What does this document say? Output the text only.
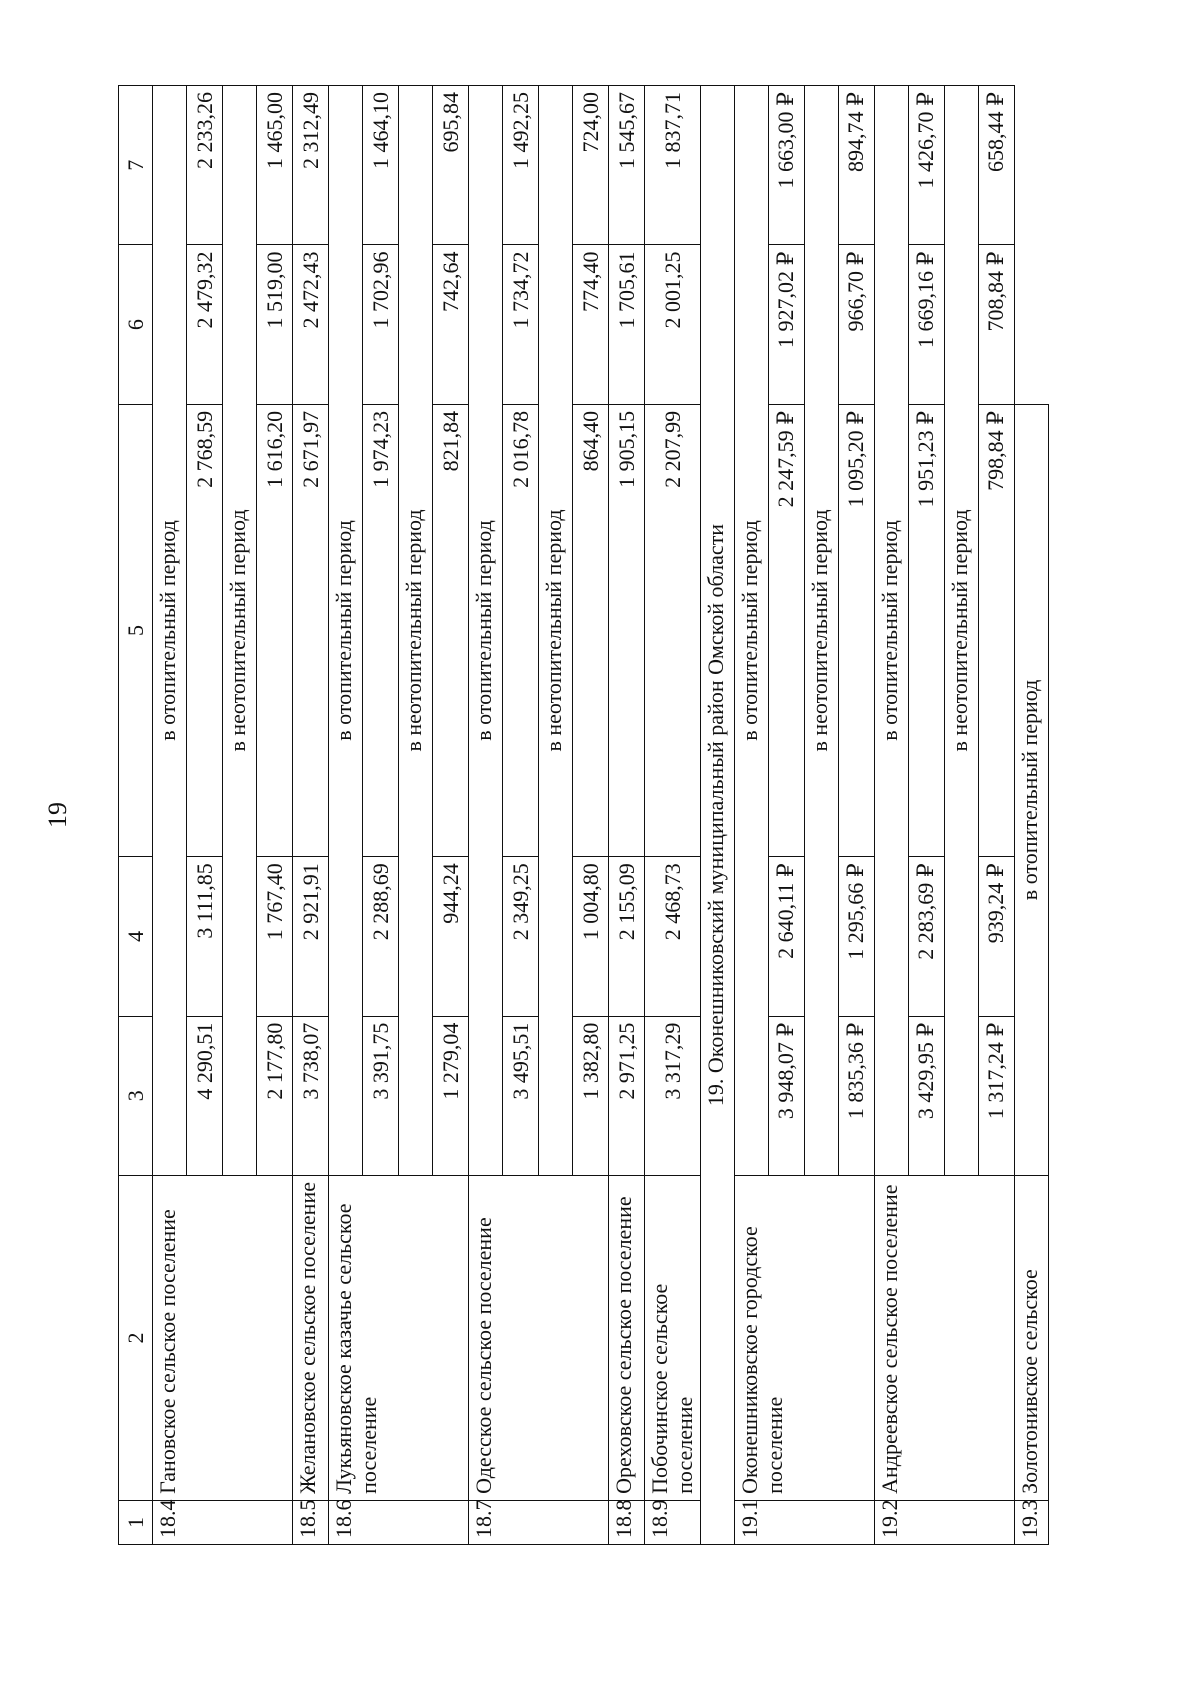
19
1	2	3	4	5	6	7
18.4	Гановское сельское поселение	в отопительный период				
		4 290,51	3 111,85	2 768,59	2 479,32	2 233,26
		в неотопительный период				
		2 177,80	1 767,40	1 616,20	1 519,00	1 465,00
18.5	Желановское сельское поселение	3 738,07	2 921,91	2 671,97	2 472,43	2 312,49
18.6	Лукьяновское казачье сельское поселение	в отопительный период				
		3 391,75	2 288,69	1 974,23	1 702,96	1 464,10
		в неотопительный период				
		1 279,04	944,24	821,84	742,64	695,84
18.7	Одесское сельское поселение	в отопительный период				
		3 495,51	2 349,25	2 016,78	1 734,72	1 492,25
		в неотопительный период				
		1 382,80	1 004,80	864,40	774,40	724,00
18.8	Ореховское сельское поселение	2 971,25	2 155,09	1 905,15	1 705,61	1 545,67
18.9	Побочинское сельское поселение	3 317,29	2 468,73	2 207,99	2 001,25	1 837,71
19. Оконешниковский муниципальный район Омской области						
19.1	Оконешниковское городское поселение	в отопительный период				
		3 948,07 ₽	2 640,11 ₽	2 247,59 ₽	1 927,02 ₽	1 663,00 ₽
		в неотопительный период				
		1 835,36 ₽	1 295,66 ₽	1 095,20 ₽	966,70 ₽	894,74 ₽
19.2	Андреевское сельское поселение	в отопительный период				
		3 429,95 ₽	2 283,69 ₽	1 951,23 ₽	1 669,16 ₽	1 426,70 ₽
		в неотопительный период				
		1 317,24 ₽	939,24 ₽	798,84 ₽	708,84 ₽	658,44 ₽
19.3	Золотонивское сельское	в отопительный период				
